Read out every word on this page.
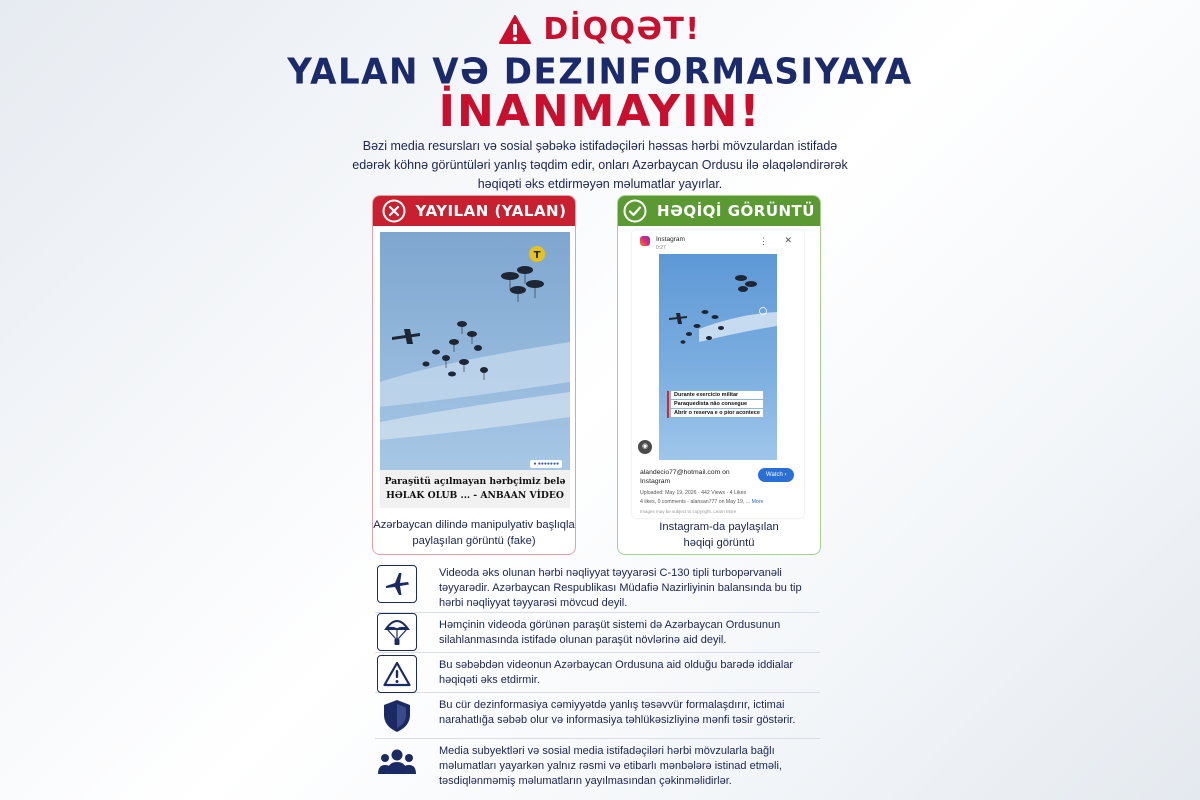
DİQQƏT!
YALAN VƏ DEZINFORMASIYAYA
İNANMAYIN!
Bəzi media resursları və sosial şəbəkə istifadəçiləri həssas hərbi mövzulardan istifadə edərək köhnə görüntüləri yanlış təqdim edir, onları Azərbaycan Ordusu ilə əlaqələndirərək həqiqəti əks etdirməyən məlumatlar yayırlar.
YAYILAN (YALAN)
T
● ●●●●●●●
Paraşütü açılmayan hərbçimiz belə HƏLAK OLUB ... - ANBAAN VİDEO
Azərbaycan dilində manipulyativ başlıqla paylaşılan görüntü (fake)
HƏQİQİ GÖRÜNTÜ
Instagram
0:27
⋮ ✕
Durante exercício militar
Paraquedista não consegue
Abrir o reserva e o pior acontece
◉
alandecio77@hotmail.com on Instagram
Watch ›
Uploaded: May 19, 2026 · 442 Views · 4 Likes
4 likes, 0 comments - alansan777 on May 19, ... More
Images may be subject to copyright. Learn More
Instagram-da paylaşılan həqiqi görüntü
Videoda əks olunan hərbi nəqliyyat təyyarəsi C-130 tipli turbopərvanəli təyyarədir. Azərbaycan Respublikası Müdafiə Nazirliyinin balansında bu tip hərbi nəqliyyat təyyarəsi mövcud deyil.
Həmçinin videoda görünən paraşüt sistemi də Azərbaycan Ordusunun silahlanmasında istifadə olunan paraşüt növlərinə aid deyil.
Bu səbəbdən videonun Azərbaycan Ordusuna aid olduğu barədə iddialar həqiqəti əks etdirmir.
Bu cür dezinformasiya cəmiyyətdə yanlış təsəvvür formalaşdırır, ictimai narahatlığa səbəb olur və informasiya təhlükəsizliyinə mənfi təsir göstərir.
Media subyektləri və sosial media istifadəçiləri hərbi mövzularla bağlı məlumatları yayarkən yalnız rəsmi və etibarlı mənbələrə istinad etməli, təsdiqlənməmiş məlumatların yayılmasından çəkinməlidirlər.
